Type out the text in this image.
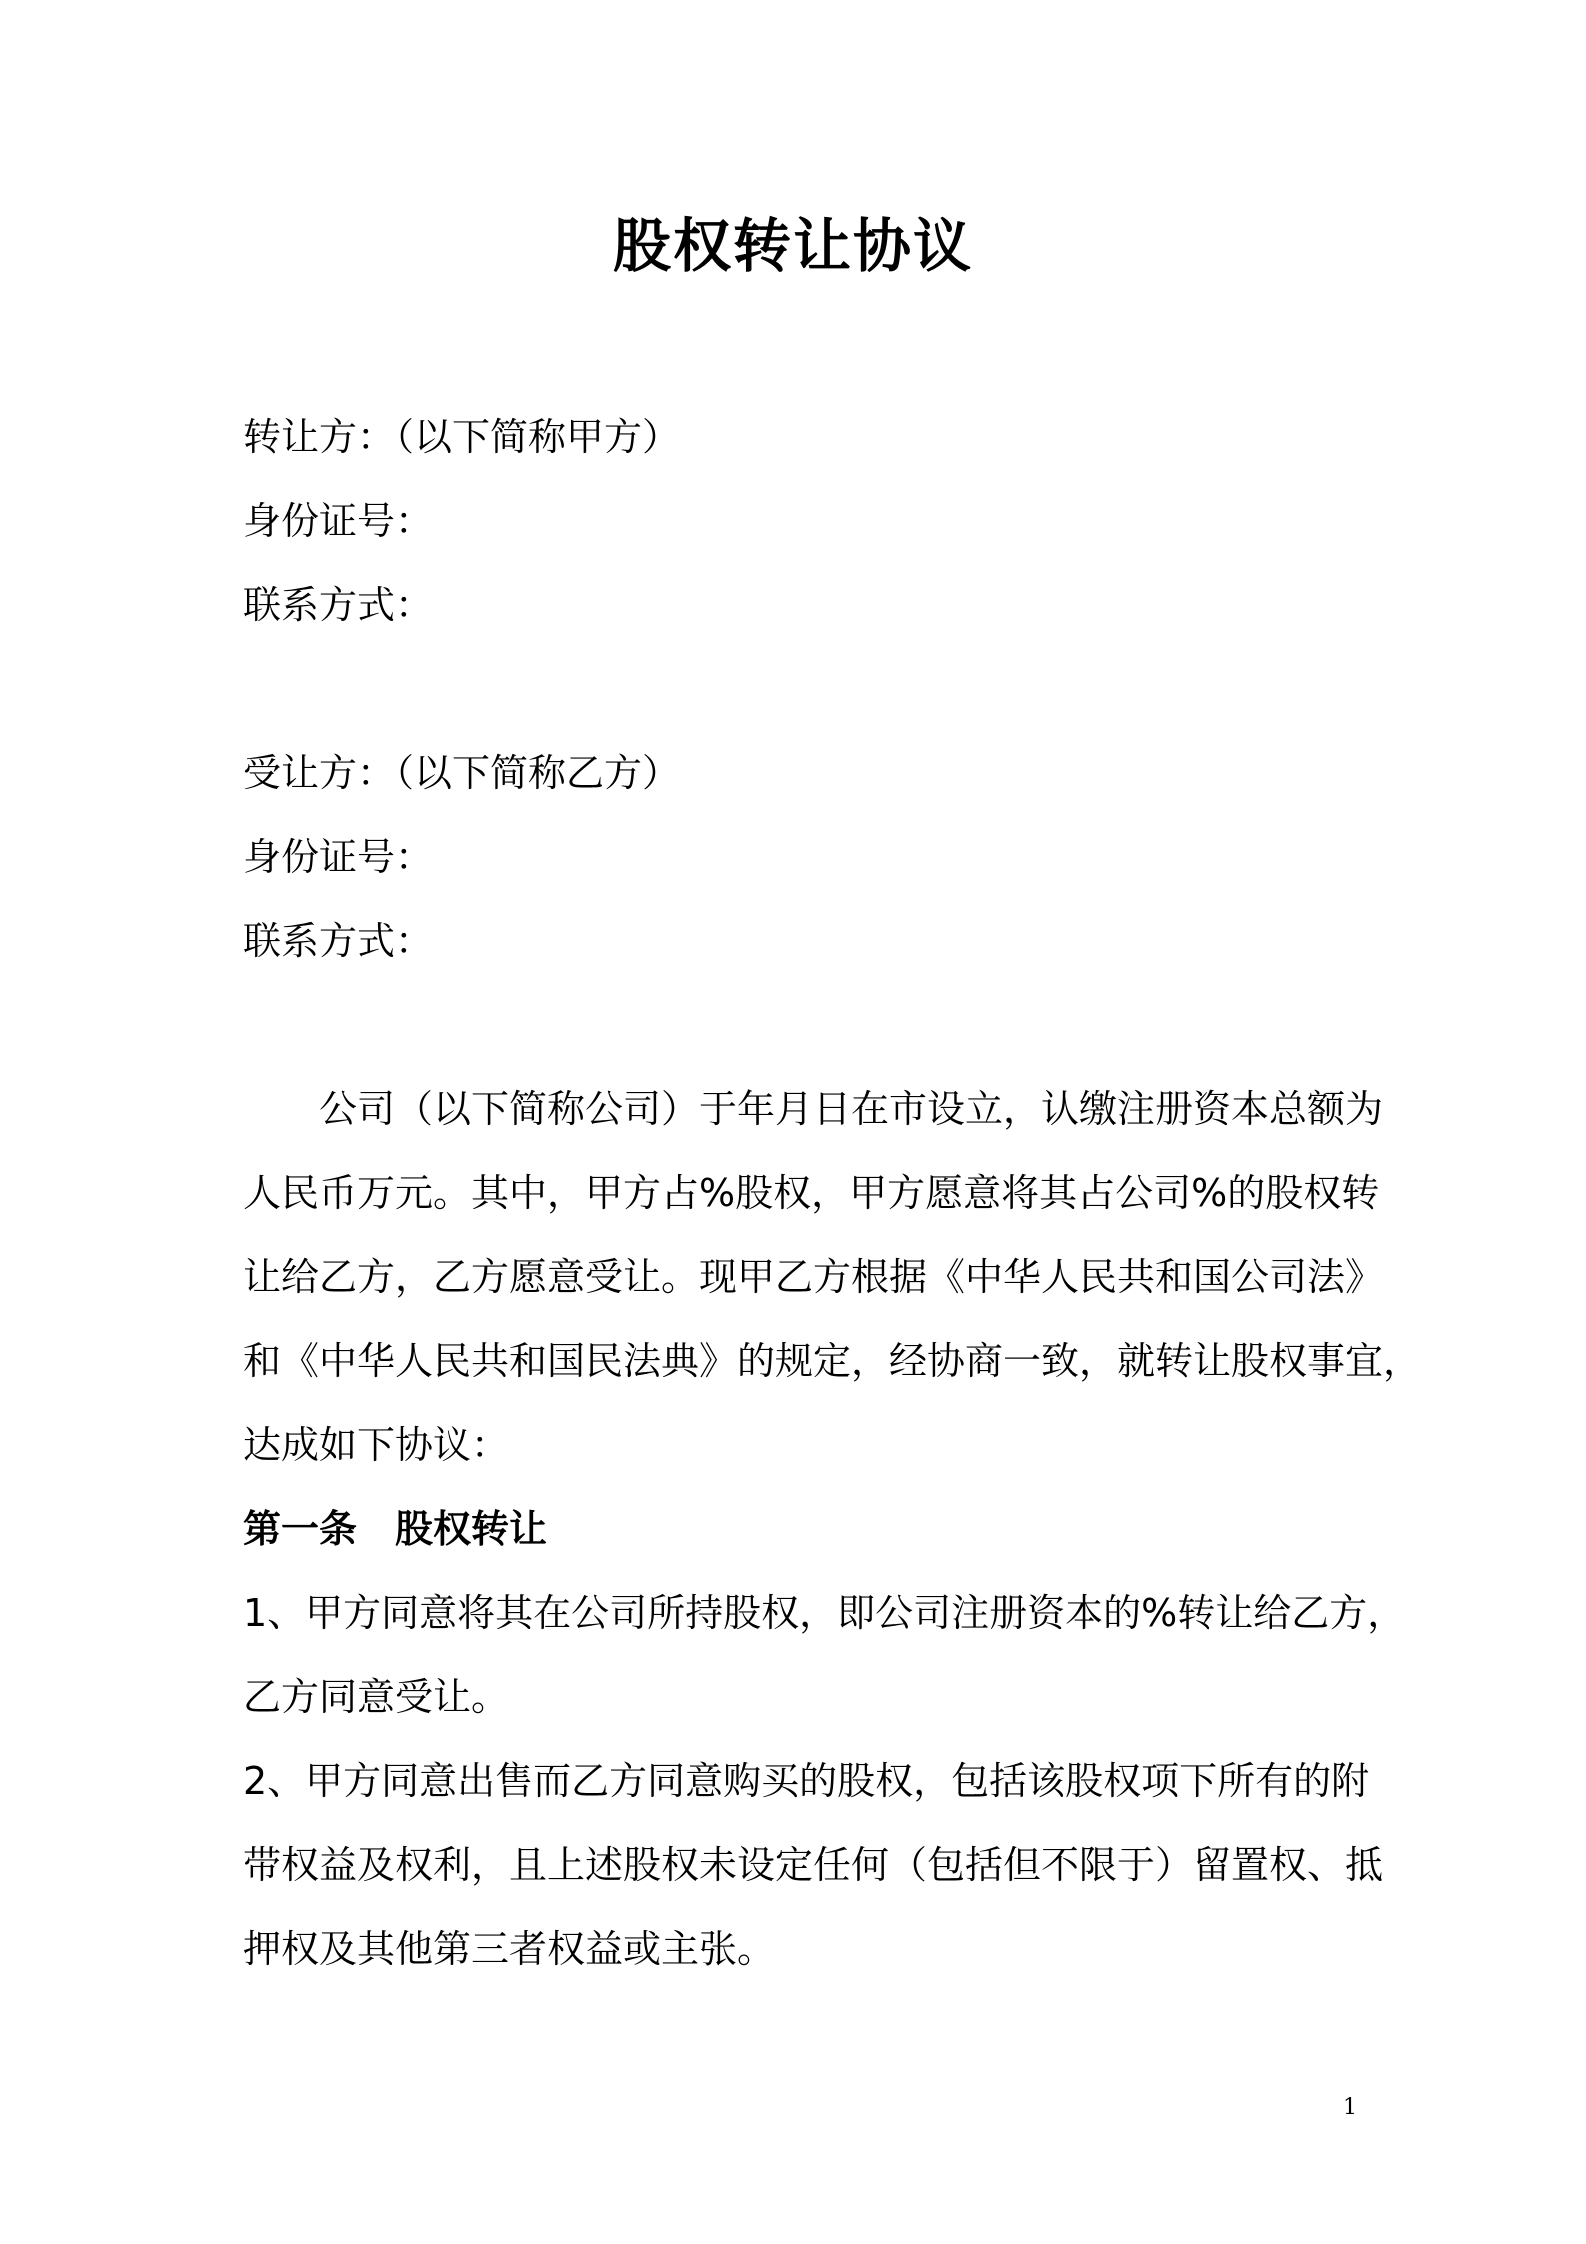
股权转让协议
转让方：（以下简称甲方）
身份证号：
联系方式：
受让方：（以下简称乙方）
身份证号：
联系方式：
公司（以下简称公司）于年月日在市设立，认缴注册资本总额为
人民币万元。其中，甲方占%股权，甲方愿意将其占公司%的股权转
让给乙方，乙方愿意受让。现甲乙方根据《中华人民共和国公司法》
和《中华人民共和国民法典》的规定，经协商一致，就转让股权事宜，
达成如下协议：
第一条 股权转让
1、甲方同意将其在公司所持股权，即公司注册资本的%转让给乙方，
乙方同意受让。
2、甲方同意出售而乙方同意购买的股权，包括该股权项下所有的附
带权益及权利，且上述股权未设定任何（包括但不限于）留置权、抵
押权及其他第三者权益或主张。
1
